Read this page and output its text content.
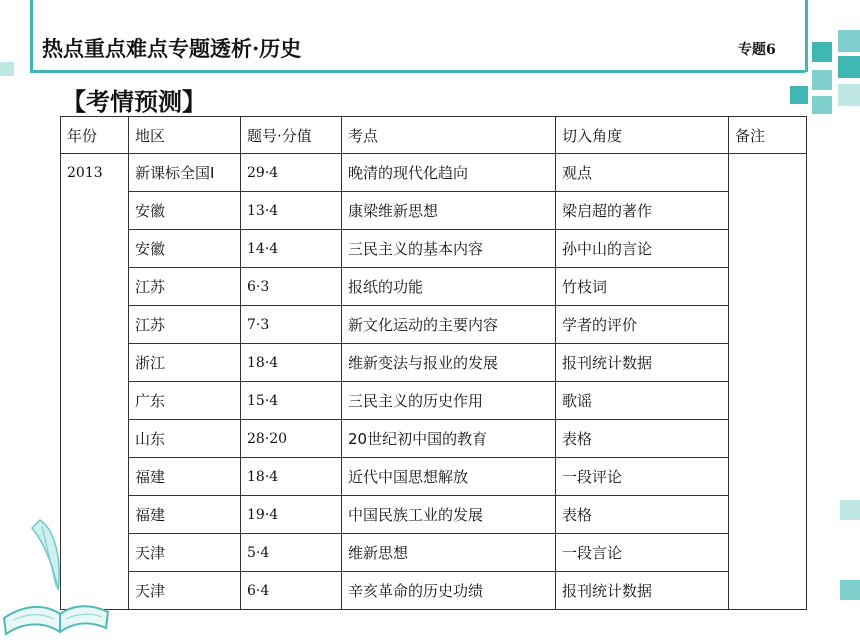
热点重点难点专题透析·历史	专题6
【考情预测】
年份	地区	题号·分值	考点	切入角度	备注
2013	新课标全国Ⅰ	29·4	晚清的现代化趋向	观点	
	安徽	13·4	康梁维新思想	梁启超的著作	
	安徽	14·4	三民主义的基本内容	孙中山的言论	
	江苏	6·3	报纸的功能	竹枝词	
	江苏	7·3	新文化运动的主要内容	学者的评价	
	浙江	18·4	维新变法与报业的发展	报刊统计数据	
	广东	15·4	三民主义的历史作用	歌谣	
	山东	28·20	20世纪初中国的教育	表格	
	福建	18·4	近代中国思想解放	一段评论	
	福建	19·4	中国民族工业的发展	表格	
	天津	5·4	维新思想	一段言论	
	天津	6·4	辛亥革命的历史功绩	报刊统计数据	
